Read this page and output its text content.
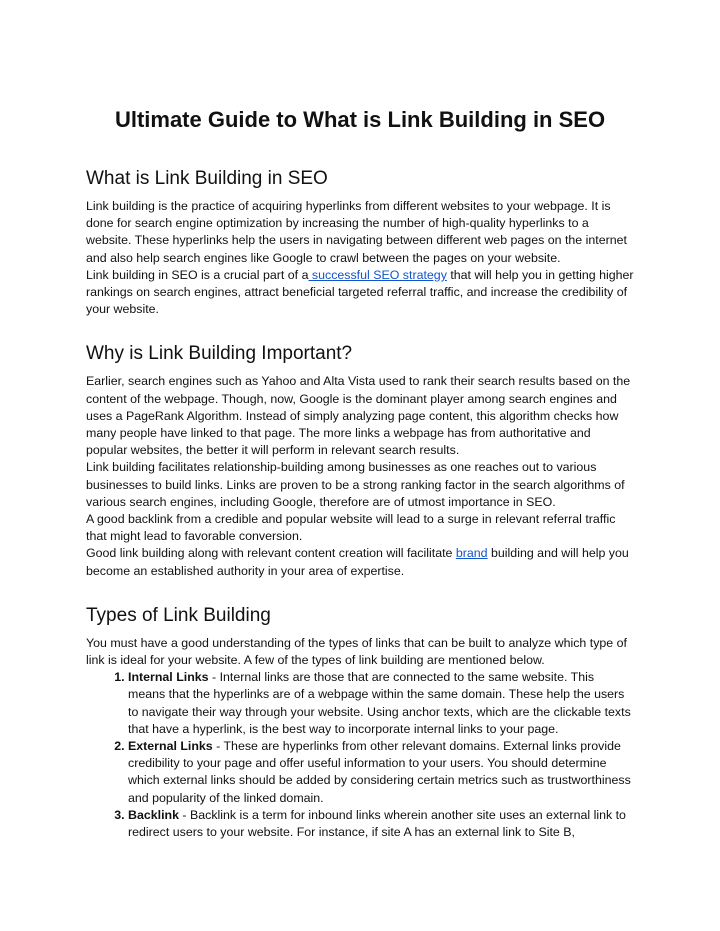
Ultimate Guide to What is Link Building in SEO
What is Link Building in SEO

Link building is the practice of acquiring hyperlinks from different websites to your webpage. It is done for search engine optimization by increasing the number of high-quality hyperlinks to a website. These hyperlinks help the users in navigating between different web pages on the internet and also help search engines like Google to crawl between the pages on your website.
Link building in SEO is a crucial part of a successful SEO strategy that will help you in getting higher rankings on search engines, attract beneficial targeted referral traffic, and increase the credibility of your website.

Why is Link Building Important?

Earlier, search engines such as Yahoo and Alta Vista used to rank their search results based on the content of the webpage. Though, now, Google is the dominant player among search engines and uses a PageRank Algorithm. Instead of simply analyzing page content, this algorithm checks how many people have linked to that page. The more links a webpage has from authoritative and popular websites, the better it will perform in relevant search results.
Link building facilitates relationship-building among businesses as one reaches out to various businesses to build links. Links are proven to be a strong ranking factor in the search algorithms of various search engines, including Google, therefore are of utmost importance in SEO.
A good backlink from a credible and popular website will lead to a surge in relevant referral traffic that might lead to favorable conversion.
Good link building along with relevant content creation will facilitate brand building and will help you become an established authority in your area of expertise.

Types of Link Building

You must have a good understanding of the types of links that can be built to analyze which type of link is ideal for your website. A few of the types of link building are mentioned below.

1. Internal Links - Internal links are those that are connected to the same website. This means that the hyperlinks are of a webpage within the same domain. These help the users to navigate their way through your website. Using anchor texts, which are the clickable texts that have a hyperlink, is the best way to incorporate internal links to your page.
2. External Links - These are hyperlinks from other relevant domains. External links provide credibility to your page and offer useful information to your users. You should determine which external links should be added by considering certain metrics such as trustworthiness and popularity of the linked domain.
3. Backlink - Backlink is a term for inbound links wherein another site uses an external link to redirect users to your website. For instance, if site A has an external link to Site B,
